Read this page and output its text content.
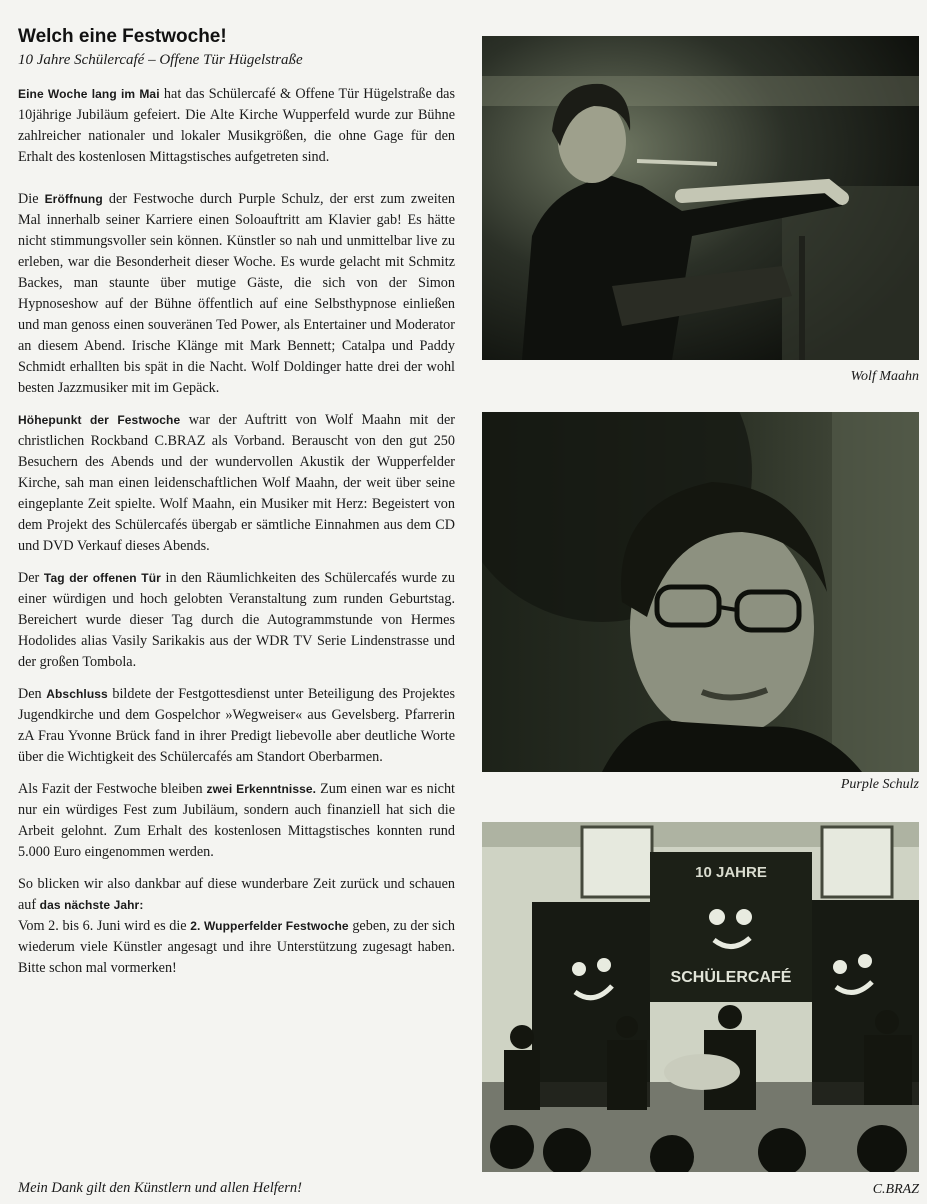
Welch eine Festwoche!

10 Jahre Schülercafé – Offene Tür Hügelstraße

Eine Woche lang im Mai hat das Schülercafé & Offene Tür Hügelstraße das 10jährige Jubiläum gefeiert. Die Alte Kirche Wupperfeld wurde zur Bühne zahlreicher nationaler und lokaler Musikgrößen, die ohne Gage für den Erhalt des kostenlosen Mittagstisches aufgetreten sind.

Die Eröffnung der Festwoche durch Purple Schulz, der erst zum zweiten Mal innerhalb seiner Karriere einen Soloauftritt am Klavier gab! Es hätte nicht stimmungsvoller sein können. Künstler so nah und unmittelbar live zu erleben, war die Besonderheit dieser Woche. Es wurde gelacht mit Schmitz Backes, man staunte über mutige Gäste, die sich von der Simon Hypnoseshow auf der Bühne öffentlich auf eine Selbsthypnose einließen und man genoss einen souveränen Ted Power, als Entertainer und Moderator an diesem Abend. Irische Klänge mit Mark Bennett; Catalpa und Paddy Schmidt erhallten bis spät in die Nacht. Wolf Doldinger hatte drei der wohl besten Jazzmusiker mit im Gepäck.

Höhepunkt der Festwoche war der Auftritt von Wolf Maahn mit der christlichen Rockband C.BRAZ als Vorband. Berauscht von den gut 250 Besuchern des Abends und der wundervollen Akustik der Wupperfelder Kirche, sah man einen leidenschaftlichen Wolf Maahn, der weit über seine eingeplante Zeit spielte. Wolf Maahn, ein Musiker mit Herz: Begeistert von dem Projekt des Schülercafés übergab er sämtliche Einnahmen aus dem CD und DVD Verkauf dieses Abends.

Der Tag der offenen Tür in den Räumlichkeiten des Schülercafés wurde zu einer würdigen und hoch gelobten Veranstaltung zum runden Geburtstag. Bereichert wurde dieser Tag durch die Autogrammstunde von Hermes Hodolides alias Vasily Sarikakis aus der WDR TV Serie Lindenstrasse und der großen Tombola.

Den Abschluss bildete der Festgottesdienst unter Beteiligung des Projektes Jugendkirche und dem Gospelchor »Wegweiser« aus Gevelsberg. Pfarrerin zA Frau Yvonne Brück fand in ihrer Predigt liebevolle aber deutliche Worte über die Wichtigkeit des Schülercafés am Standort Oberbarmen.

Als Fazit der Festwoche bleiben zwei Erkenntnisse. Zum einen war es nicht nur ein würdiges Fest zum Jubiläum, sondern auch finanziell hat sich die Arbeit gelohnt. Zum Erhalt des kostenlosen Mittagstisches konnten rund 5.000 Euro eingenommen werden.

So blicken wir also dankbar auf diese wunderbare Zeit zurück und schauen auf das nächste Jahr:
Vom 2. bis 6. Juni wird es die 2. Wupperfelder Festwoche geben, zu der sich wiederum viele Künstler angesagt und ihre Unterstützung zugesagt haben. Bitte schon mal vormerken!

Mein Dank gilt den Künstlern und allen Helfern!
Wolf Maahn
Purple Schulz
10 JAHRE
SCHÜLERCAFÉ
C.BRAZ
